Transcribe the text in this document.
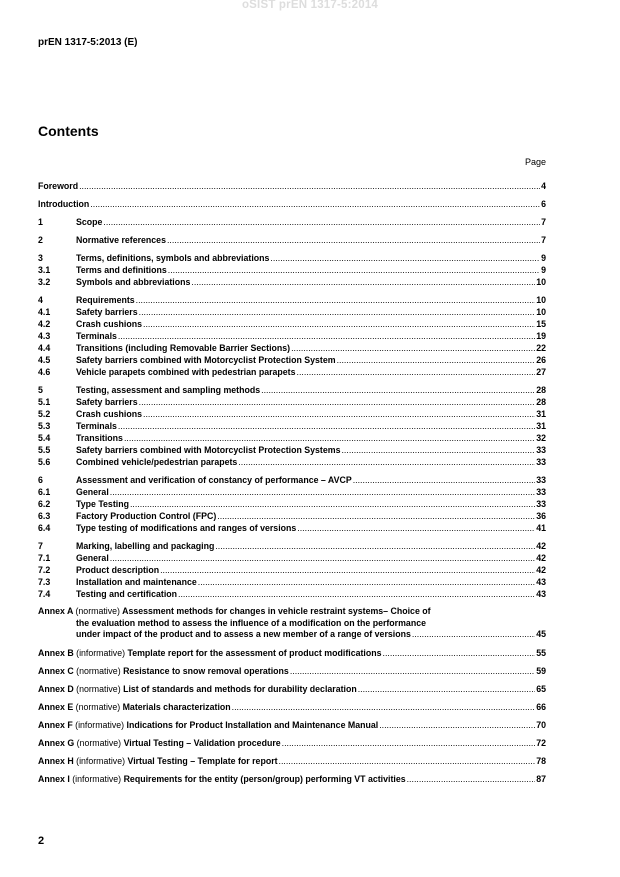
oSIST prEN 1317-5:2014
prEN 1317-5:2013 (E)
Contents
Page
Foreword .....	4
Introduction .....	6
1	Scope .....	7
2	Normative references .....	7
3	Terms, definitions, symbols and abbreviations .....	9
3.1	Terms and definitions .....	9
3.2	Symbols and abbreviations .....	10
4	Requirements .....	10
4.1	Safety barriers .....	10
4.2	Crash cushions .....	15
4.3	Terminals .....	19
4.4	Transitions (including Removable Barrier Sections) .....	22
4.5	Safety barriers combined with Motorcyclist Protection System .....	26
4.6	Vehicle parapets combined with pedestrian parapets .....	27
5	Testing, assessment and sampling methods .....	28
5.1	Safety barriers .....	28
5.2	Crash cushions .....	31
5.3	Terminals .....	31
5.4	Transitions .....	32
5.5	Safety barriers combined with Motorcyclist Protection Systems .....	33
5.6	Combined vehicle/pedestrian parapets .....	33
6	Assessment and verification of constancy of performance – AVCP .....	33
6.1	General .....	33
6.2	Type Testing .....	33
6.3	Factory Production Control (FPC) .....	36
6.4	Type testing of modifications and ranges of versions .....	41
7	Marking, labelling and packaging .....	42
7.1	General .....	42
7.2	Product description .....	42
7.3	Installation and maintenance .....	43
7.4	Testing and certification .....	43
Annex A (normative) Assessment methods for changes in vehicle restraint systems– Choice of
the evaluation method to assess the influence of a modification on the performance
under impact of the product and to assess a new member of a range of versions .....	45
Annex B (informative) Template report for the assessment of product modifications .....	55
Annex C (normative) Resistance to snow removal operations .....	59
Annex D (normative) List of standards and methods for durability declaration .....	65
Annex E (normative) Materials characterization .....	66
Annex F (informative) Indications for Product Installation and Maintenance Manual .....	70
Annex G (normative) Virtual Testing – Validation procedure .....	72
Annex H (informative) Virtual Testing – Template for report .....	78
Annex I (informative) Requirements for the entity (person/group) performing VT activities .....	87
2
